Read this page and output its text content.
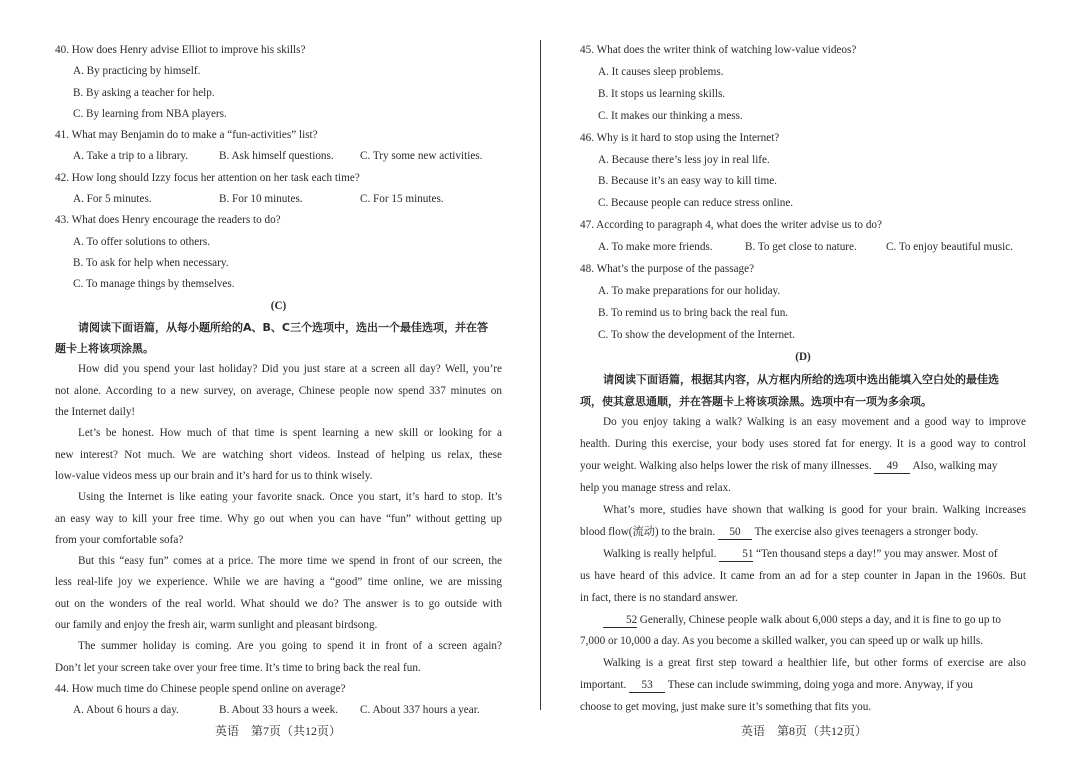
40. How does Henry advise Elliot to improve his skills?
A. By practicing by himself.
B. By asking a teacher for help.
C. By learning from NBA players.
41. What may Benjamin do to make a “fun-activities” list?
A. Take a trip to a library.	B. Ask himself questions.	C. Try some new activities.
42. How long should Izzy focus her attention on her task each time?
A. For 5 minutes.	B. For 10 minutes.	C. For 15 minutes.
43. What does Henry encourage the readers to do?
A. To offer solutions to others.
B. To ask for help when necessary.
C. To manage things by themselves.
(C)
请阅读下面语篇，从每小题所给的A、B、C三个选项中，选出一个最佳选项，并在答
题卡上将该项涂黑。
How did you spend your last holiday? Did you just stare at a screen all day? Well, you’re
not alone. According to a new survey, on average, Chinese people now spend 337 minutes on
the Internet daily!
Let’s be honest. How much of that time is spent learning a new skill or looking for a
new interest? Not much. We are watching short videos. Instead of helping us relax, these
low-value videos mess up our brain and it’s hard for us to think wisely.
Using the Internet is like eating your favorite snack. Once you start, it’s hard to stop. It’s
an easy way to kill your free time. Why go out when you can have “fun” without getting up
from your comfortable sofa?
But this “easy fun” comes at a price. The more time we spend in front of our screen, the
less real-life joy we experience. While we are having a “good” time online, we are missing
out on the wonders of the real world. What should we do? The answer is to go outside with
our family and enjoy the fresh air, warm sunlight and pleasant birdsong.
The summer holiday is coming. Are you going to spend it in front of a screen again?
Don’t let your screen take over your free time. It’s time to bring back the real fun.
44. How much time do Chinese people spend online on average?
A. About 6 hours a day.	B. About 33 hours a week.	C. About 337 hours a year.
45. What does the writer think of watching low-value videos?
A. It causes sleep problems.
B. It stops us learning skills.
C. It makes our thinking a mess.
46. Why is it hard to stop using the Internet?
A. Because there’s less joy in real life.
B. Because it’s an easy way to kill time.
C. Because people can reduce stress online.
47. According to paragraph 4, what does the writer advise us to do?
A. To make more friends.	B. To get close to nature.	C. To enjoy beautiful music.
48. What’s the purpose of the passage?
A. To make preparations for our holiday.
B. To remind us to bring back the real fun.
C. To show the development of the Internet.
(D)
请阅读下面语篇，根据其内容，从方框内所给的选项中选出能填入空白处的最佳选
项，使其意思通顺，并在答题卡上将该项涂黑。选项中有一项为多余项。
Do you enjoy taking a walk? Walking is an easy movement and a good way to improve
health. During this exercise, your body uses stored fat for energy. It is a good way to control
your weight. Walking also helps lower the risk of many illnesses. 49 Also, walking may
help you manage stress and relax.
What’s more, studies have shown that walking is good for your brain. Walking increases
blood flow(流动) to the brain. 50 The exercise also gives teenagers a stronger body.
Walking is really helpful. 51 “Ten thousand steps a day!” you may answer. Most of
us have heard of this advice. It came from an ad for a step counter in Japan in the 1960s. But
in fact, there is no standard answer.
52 Generally, Chinese people walk about 6,000 steps a day, and it is fine to go up to
7,000 or 10,000 a day. As you become a skilled walker, you can speed up or walk up hills.
Walking is a great first step toward a healthier life, but other forms of exercise are also
important. 53 These can include swimming, doing yoga and more. Anyway, if you
choose to get moving, just make sure it’s something that fits you.
英语　第7页（共12页）	英语　第8页（共12页）
